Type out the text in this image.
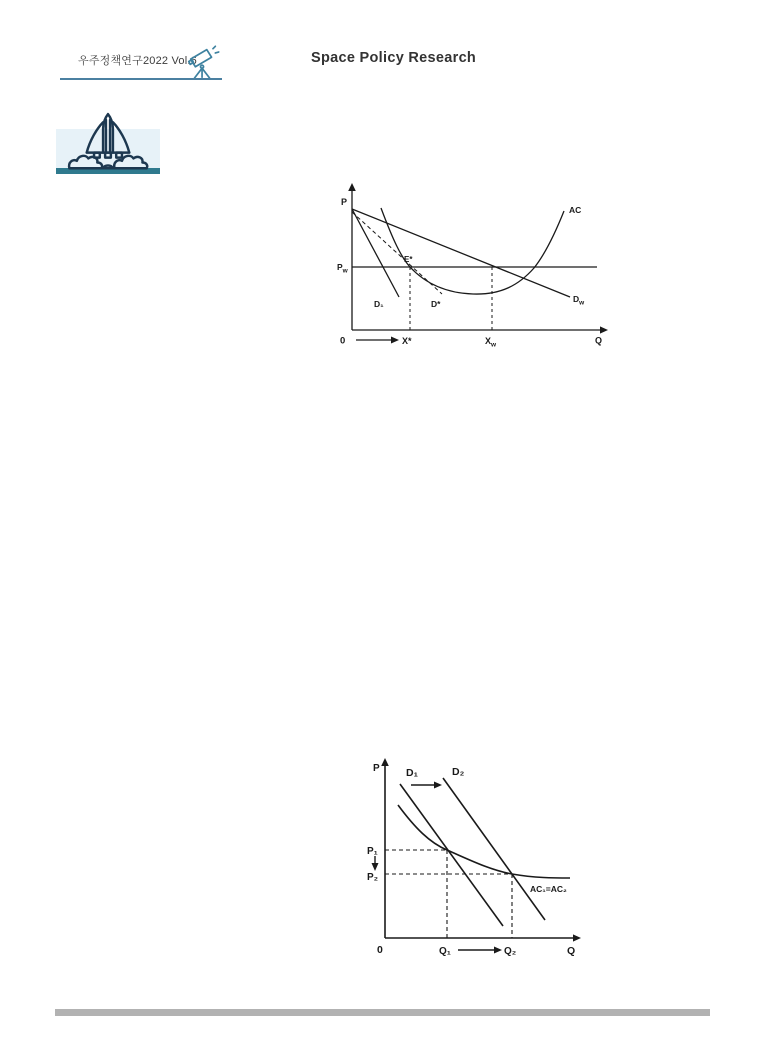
우주정책연구2022 Vol.6	Space Policy Research
P
Q
0
$P_w$
AC
D₁	D*	$D_w$
E*
X*	$X_w$
P
Q
0
D₁	D₂
P₁
P₂
Q₁	Q₂
AC₁=AC₂
